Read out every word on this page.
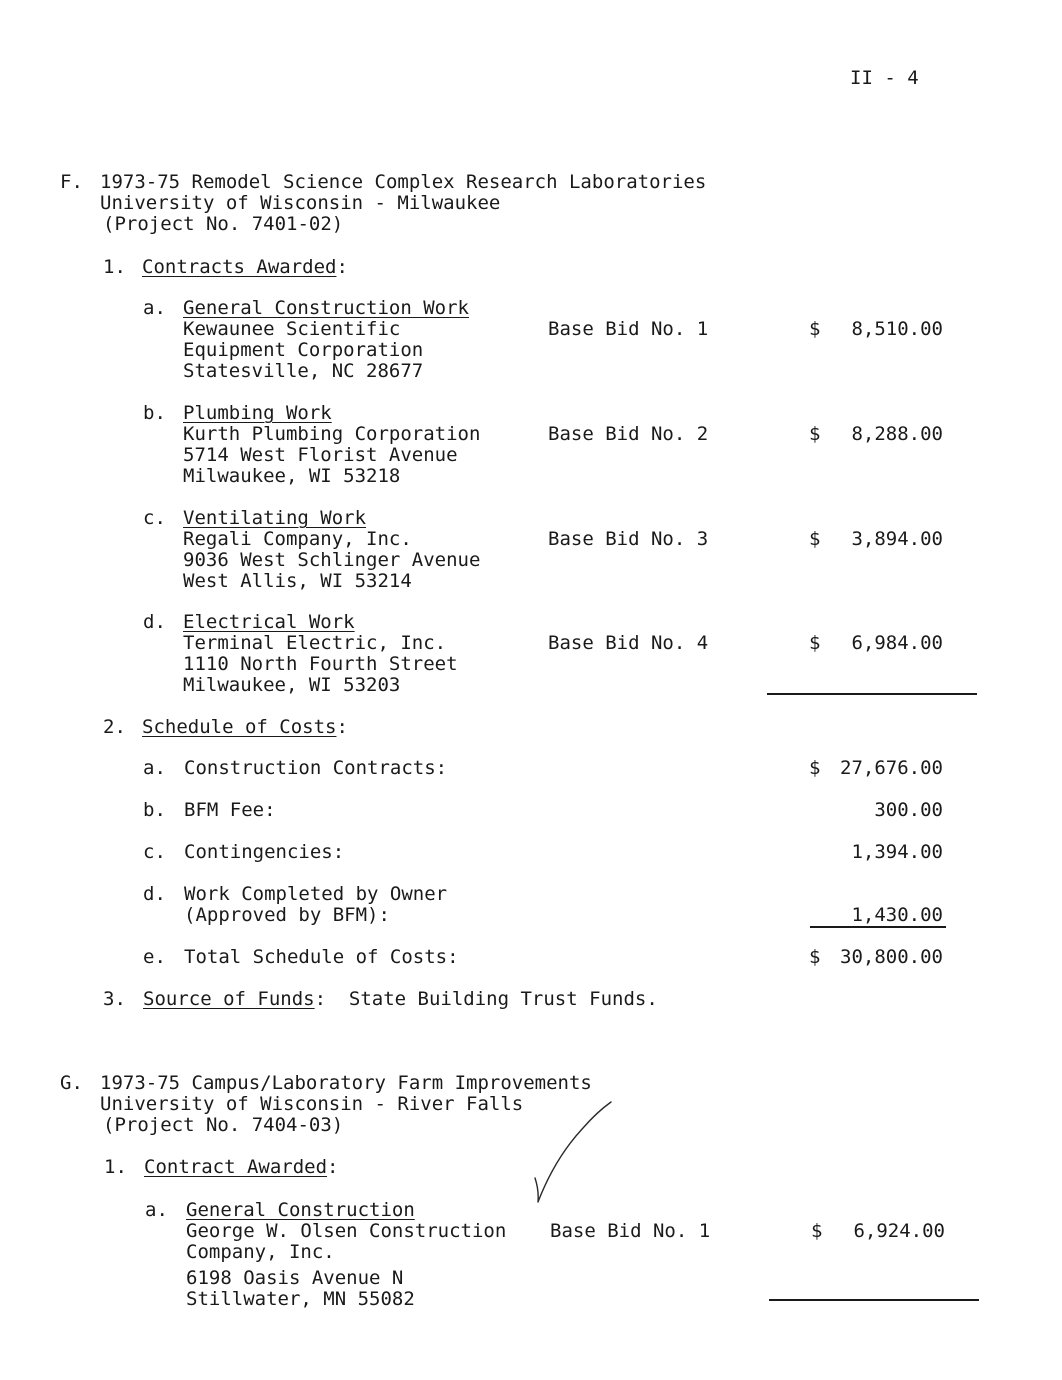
II - 4
F. 1973-75 Remodel Science Complex Research Laboratories
University of Wisconsin - Milwaukee
(Project No. 7401-02)
1. Contracts Awarded:
a. General Construction Work
Kewaunee Scientific
Equipment Corporation
Statesville, NC 28677
Base Bid No. 1	$	8,510.00
b. Plumbing Work
Kurth Plumbing Corporation
5714 West Florist Avenue
Milwaukee, WI 53218
Base Bid No. 2	$	8,288.00
c. Ventilating Work
Regali Company, Inc.
9036 West Schlinger Avenue
West Allis, WI 53214
Base Bid No. 3	$	3,894.00
d. Electrical Work
Terminal Electric, Inc.
1110 North Fourth Street
Milwaukee, WI 53203
Base Bid No. 4	$	6,984.00
2. Schedule of Costs:
a. Construction Contracts:	$	27,676.00
b. BFM Fee:	300.00
c. Contingencies:	1,394.00
d. Work Completed by Owner
(Approved by BFM):	1,430.00
e. Total Schedule of Costs:	$	30,800.00
3. Source of Funds:  State Building Trust Funds.
G. 1973-75 Campus/Laboratory Farm Improvements
University of Wisconsin - River Falls
(Project No. 7404-03)
1. Contract Awarded:
a. General Construction
George W. Olsen Construction
Company, Inc.
6198 Oasis Avenue N
Stillwater, MN 55082
Base Bid No. 1	$	6,924.00
